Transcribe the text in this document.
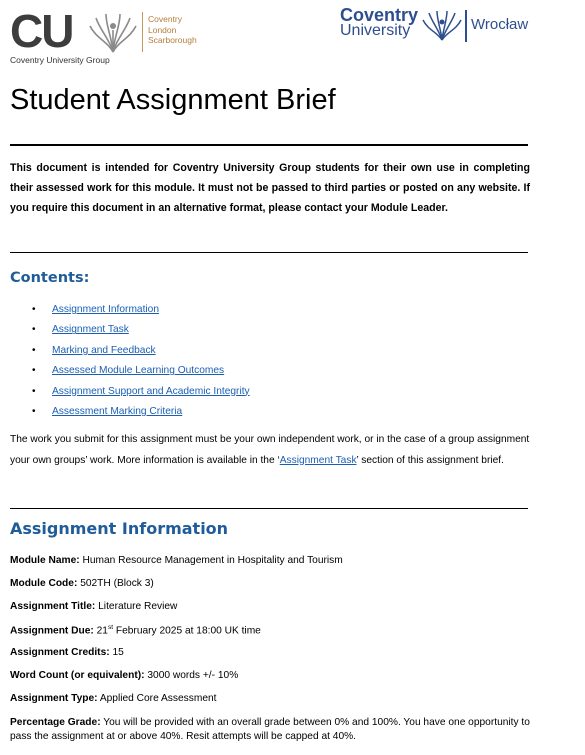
CU	Coventry
London
Scarborough
Coventry University Group
Coventry
University	Wrocław
Student Assignment Brief
This document is intended for Coventry University Group students for their own use in completing their assessed work for this module. It must not be passed to third parties or posted on any website. If you require this document in an alternative format, please contact your Module Leader.
Contents:
• Assignment Information
• Assignment Task
• Marking and Feedback
• Assessed Module Learning Outcomes
• Assignment Support and Academic Integrity
• Assessment Marking Criteria
The work you submit for this assignment must be your own independent work, or in the case of a group assignment your own groups’ work. More information is available in the ‘Assignment Task’ section of this assignment brief.
Assignment Information
Module Name: Human Resource Management in Hospitality and Tourism
Module Code: 502TH (Block 3)
Assignment Title: Literature Review
Assignment Due: 21st February 2025 at 18:00 UK time
Assignment Credits: 15
Word Count (or equivalent): 3000 words +/- 10%
Assignment Type: Applied Core Assessment
Percentage Grade: You will be provided with an overall grade between 0% and 100%. You have one opportunity to pass the assignment at or above 40%. Resit attempts will be capped at 40%.
